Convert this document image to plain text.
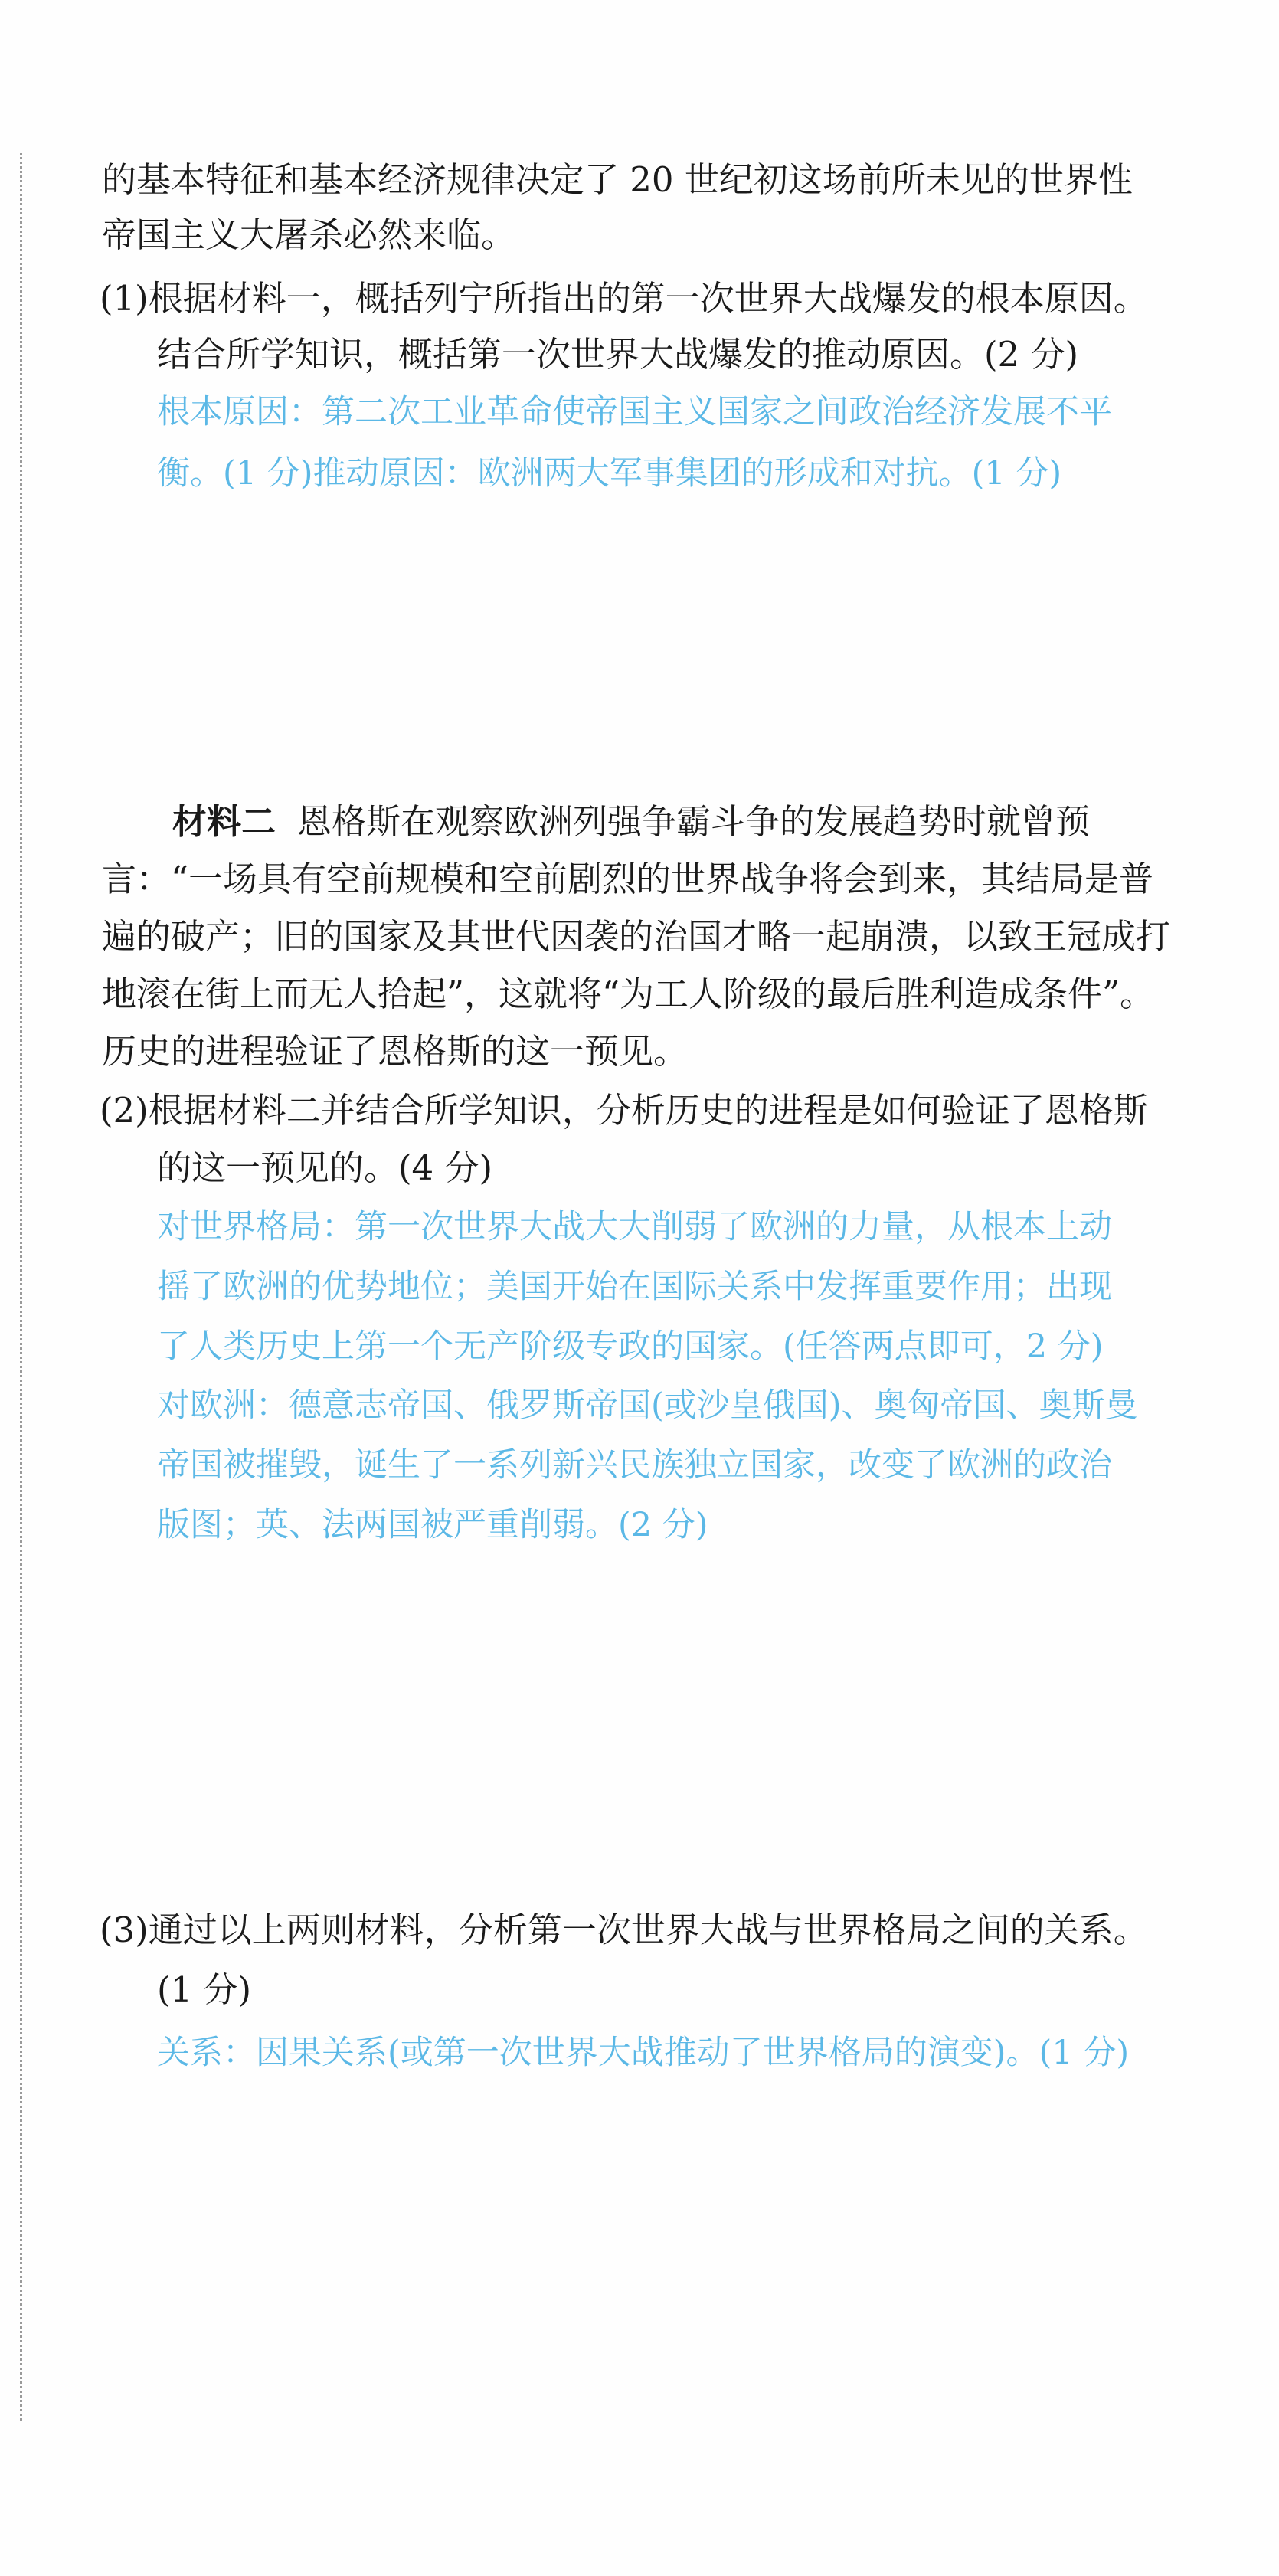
的基本特征和基本经济规律决定了 20 世纪初这场前所未见的世界性
帝国主义大屠杀必然来临。
(1)根据材料一，概括列宁所指出的第一次世界大战爆发的根本原因。
结合所学知识，概括第一次世界大战爆发的推动原因。(2 分)
根本原因：第二次工业革命使帝国主义国家之间政治经济发展不平
衡。(1 分)推动原因：欧洲两大军事集团的形成和对抗。(1 分)
材料二 恩格斯在观察欧洲列强争霸斗争的发展趋势时就曾预
言：“一场具有空前规模和空前剧烈的世界战争将会到来，其结局是普
遍的破产；旧的国家及其世代因袭的治国才略一起崩溃，以致王冠成打
地滚在街上而无人拾起”，这就将“为工人阶级的最后胜利造成条件”。
历史的进程验证了恩格斯的这一预见。
(2)根据材料二并结合所学知识，分析历史的进程是如何验证了恩格斯
的这一预见的。(4 分)
对世界格局：第一次世界大战大大削弱了欧洲的力量，从根本上动
摇了欧洲的优势地位；美国开始在国际关系中发挥重要作用；出现
了人类历史上第一个无产阶级专政的国家。(任答两点即可，2 分)
对欧洲：德意志帝国、俄罗斯帝国(或沙皇俄国)、奥匈帝国、奥斯曼
帝国被摧毁，诞生了一系列新兴民族独立国家，改变了欧洲的政治
版图；英、法两国被严重削弱。(2 分)
(3)通过以上两则材料，分析第一次世界大战与世界格局之间的关系。
(1 分)
关系：因果关系(或第一次世界大战推动了世界格局的演变)。(1 分)
